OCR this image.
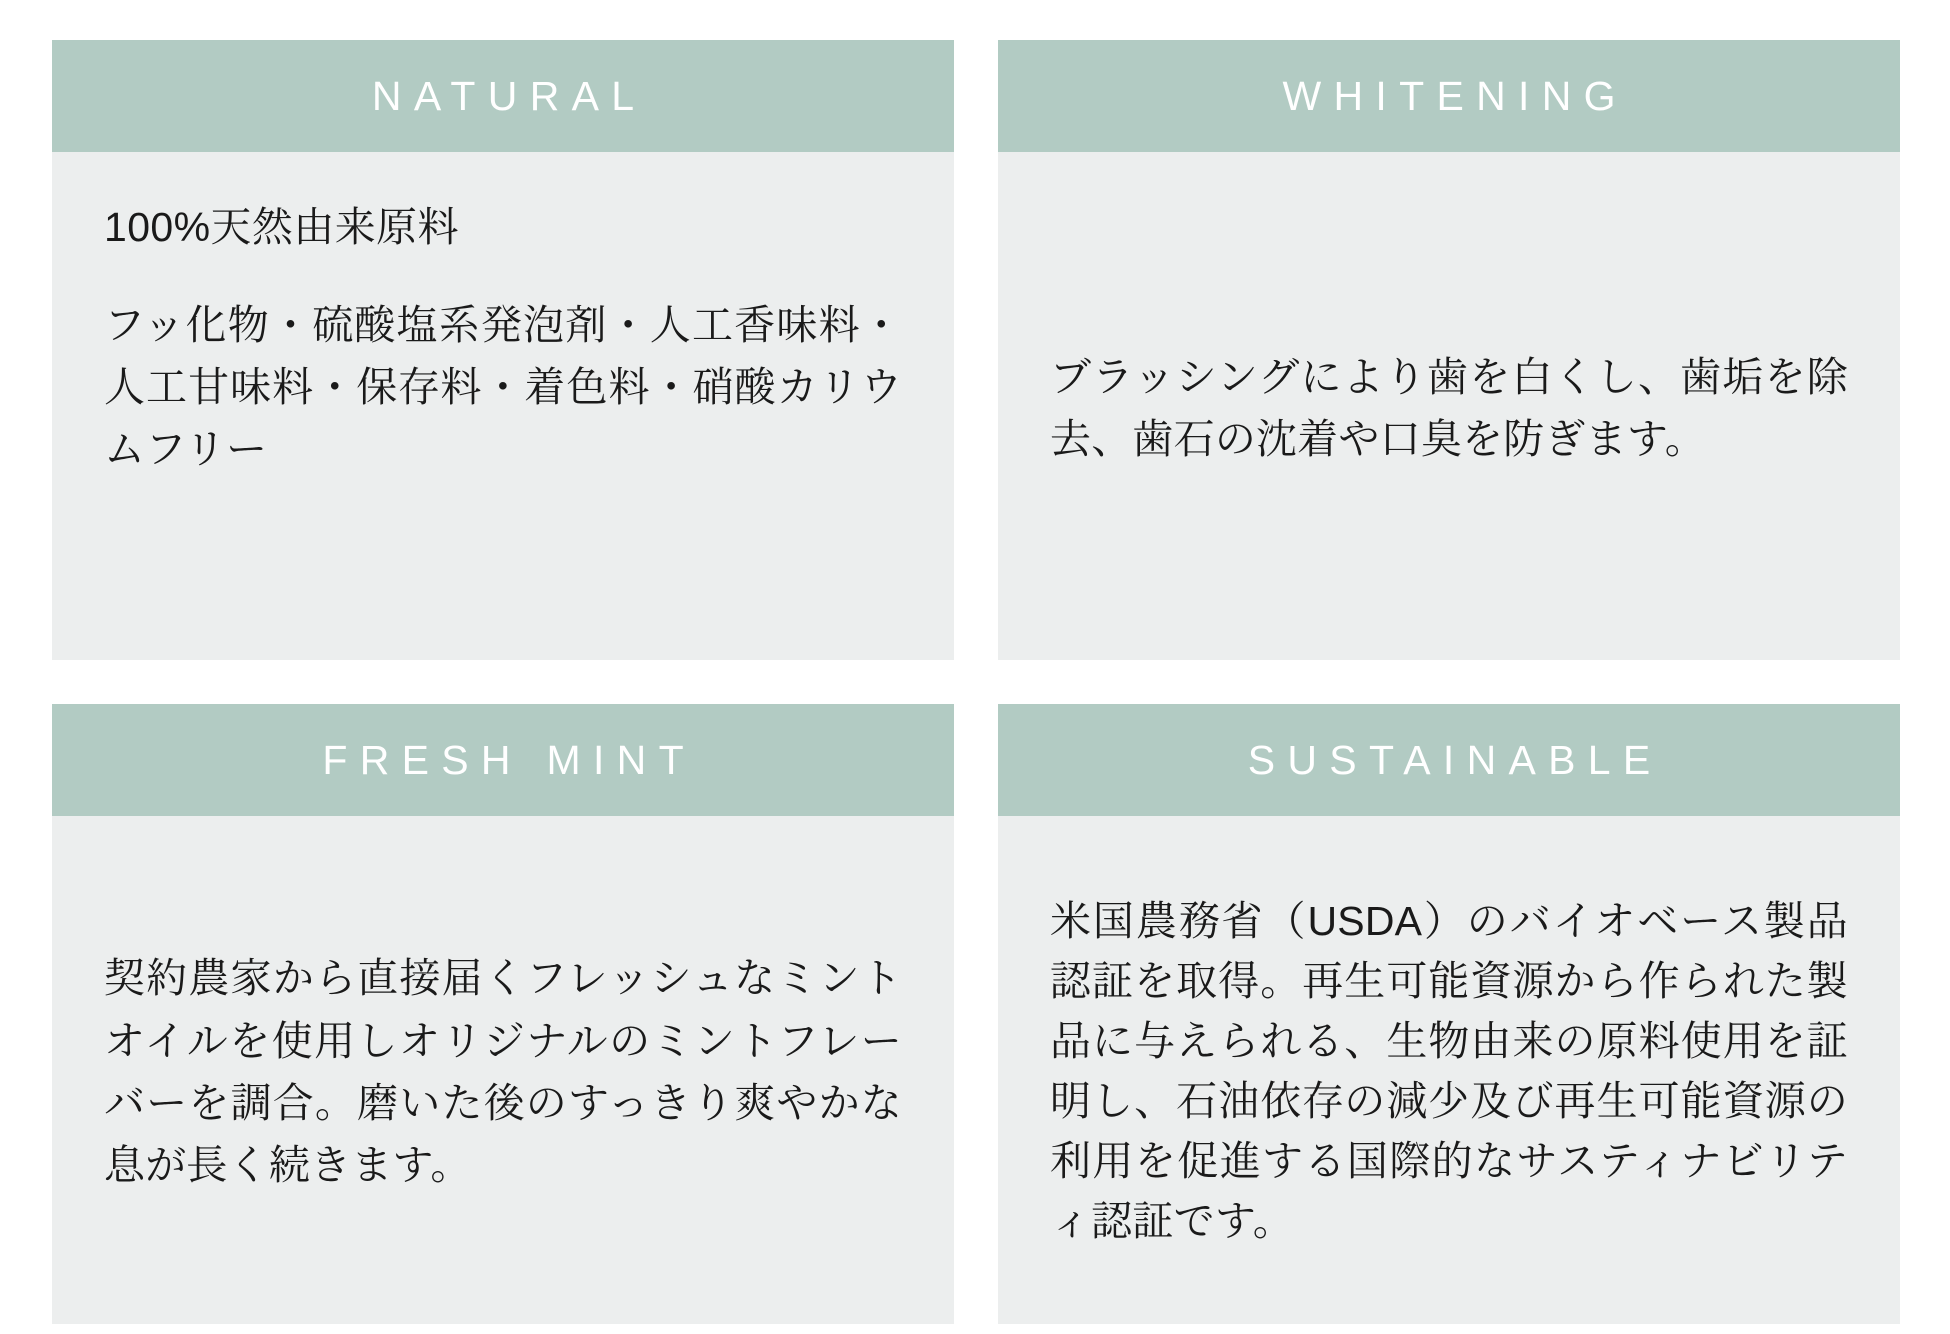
NATURAL

100%天然由来原料

フッ化物・硫酸塩系発泡剤・人工香味料・人工甘味料・保存料・着色料・硝酸カリウムフリー

WHITENING

ブラッシングにより歯を白くし、歯垢を除去、歯石の沈着や口臭を防ぎます。

FRESH MINT

契約農家から直接届くフレッシュなミントオイルを使用しオリジナルのミントフレーバーを調合。磨いた後のすっきり爽やかな息が長く続きます。

SUSTAINABLE

米国農務省（USDA）のバイオベース製品認証を取得。再生可能資源から作られた製品に与えられる、生物由来の原料使用を証明し、石油依存の減少及び再生可能資源の利用を促進する国際的なサスティナビリティ認証です。
